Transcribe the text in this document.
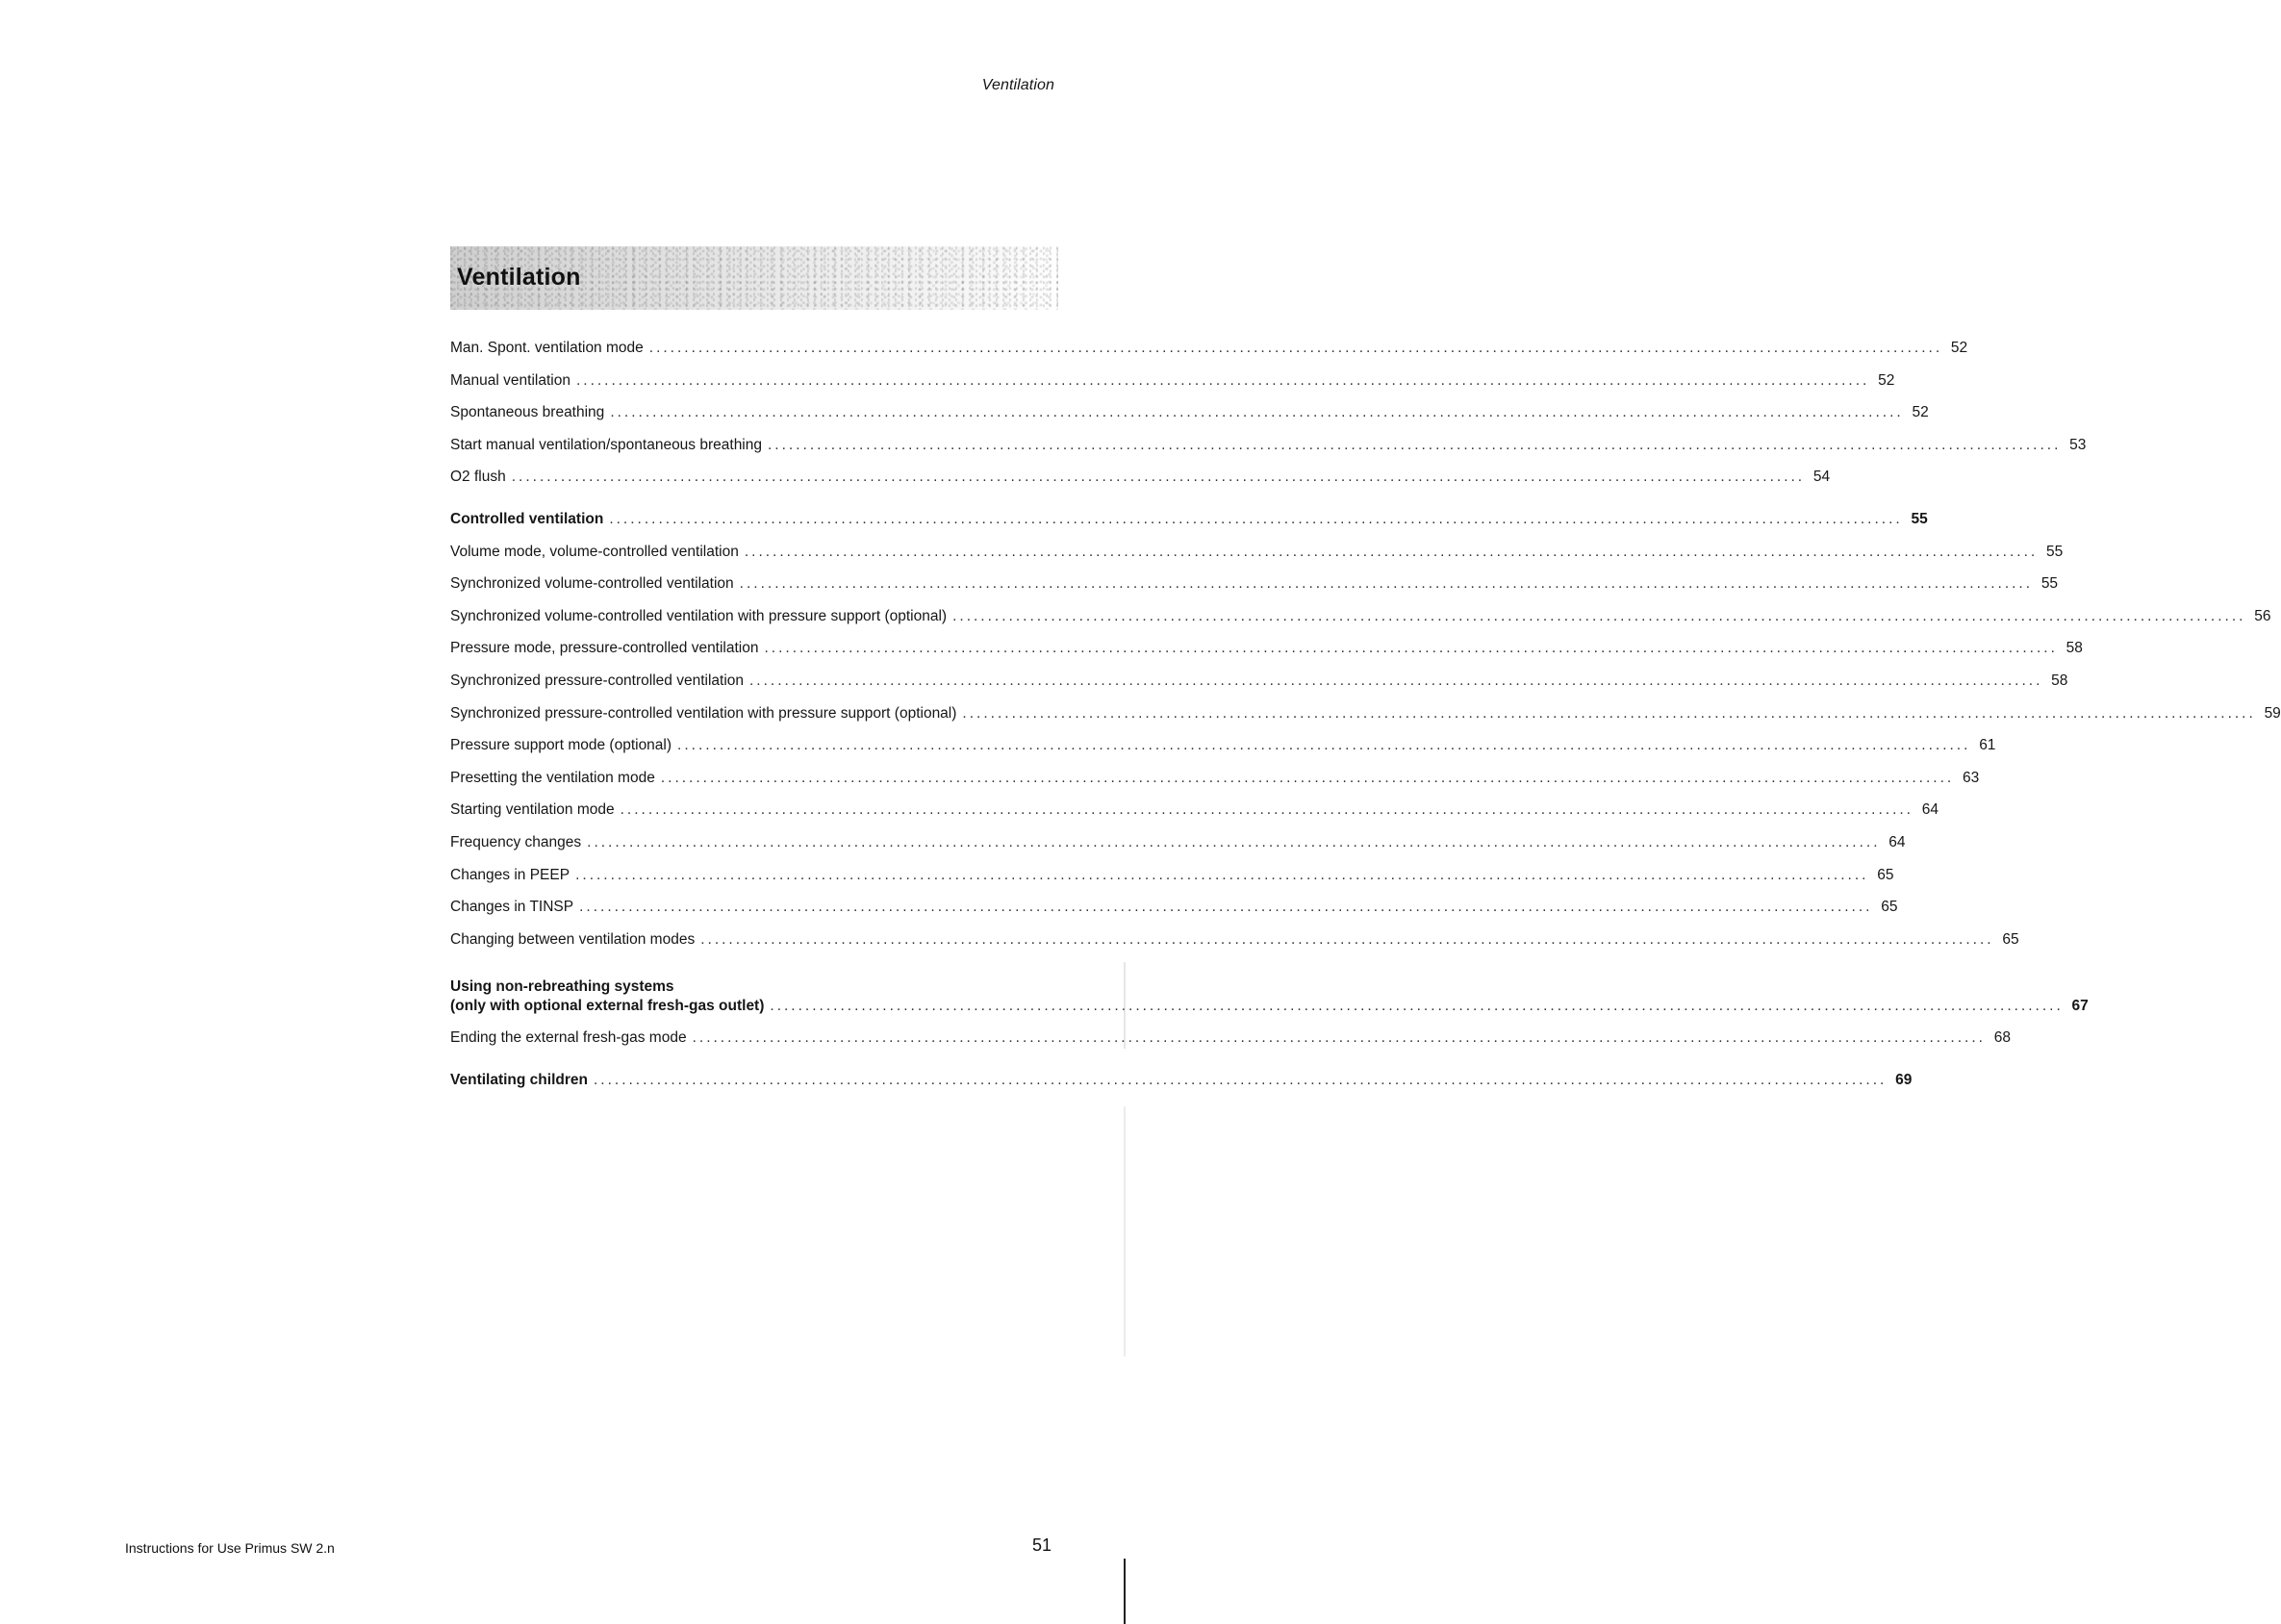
Ventilation
Ventilation
Man. Spont. ventilation mode .....	52
Manual ventilation .....	52
Spontaneous breathing .....	52
Start manual ventilation/spontaneous breathing .....	53
O2 flush .....	54
Controlled ventilation .....	55
Volume mode, volume-controlled ventilation .....	55
Synchronized volume-controlled ventilation .....	55
Synchronized volume-controlled ventilation with pressure support (optional) .....	56
Pressure mode, pressure-controlled ventilation .....	58
Synchronized pressure-controlled ventilation .....	58
Synchronized pressure-controlled ventilation with pressure support (optional) .....	59
Pressure support mode (optional) .....	61
Presetting the ventilation mode .....	63
Starting ventilation mode .....	64
Frequency changes .....	64
Changes in PEEP .....	65
Changes in TINSP .....	65
Changing between ventilation modes .....	65
Using non-rebreathing systems
(only with optional external fresh-gas outlet) .....	67
Ending the external fresh-gas mode .....	68
Ventilating children .....	69
Instructions for Use Primus SW 2.n	51
